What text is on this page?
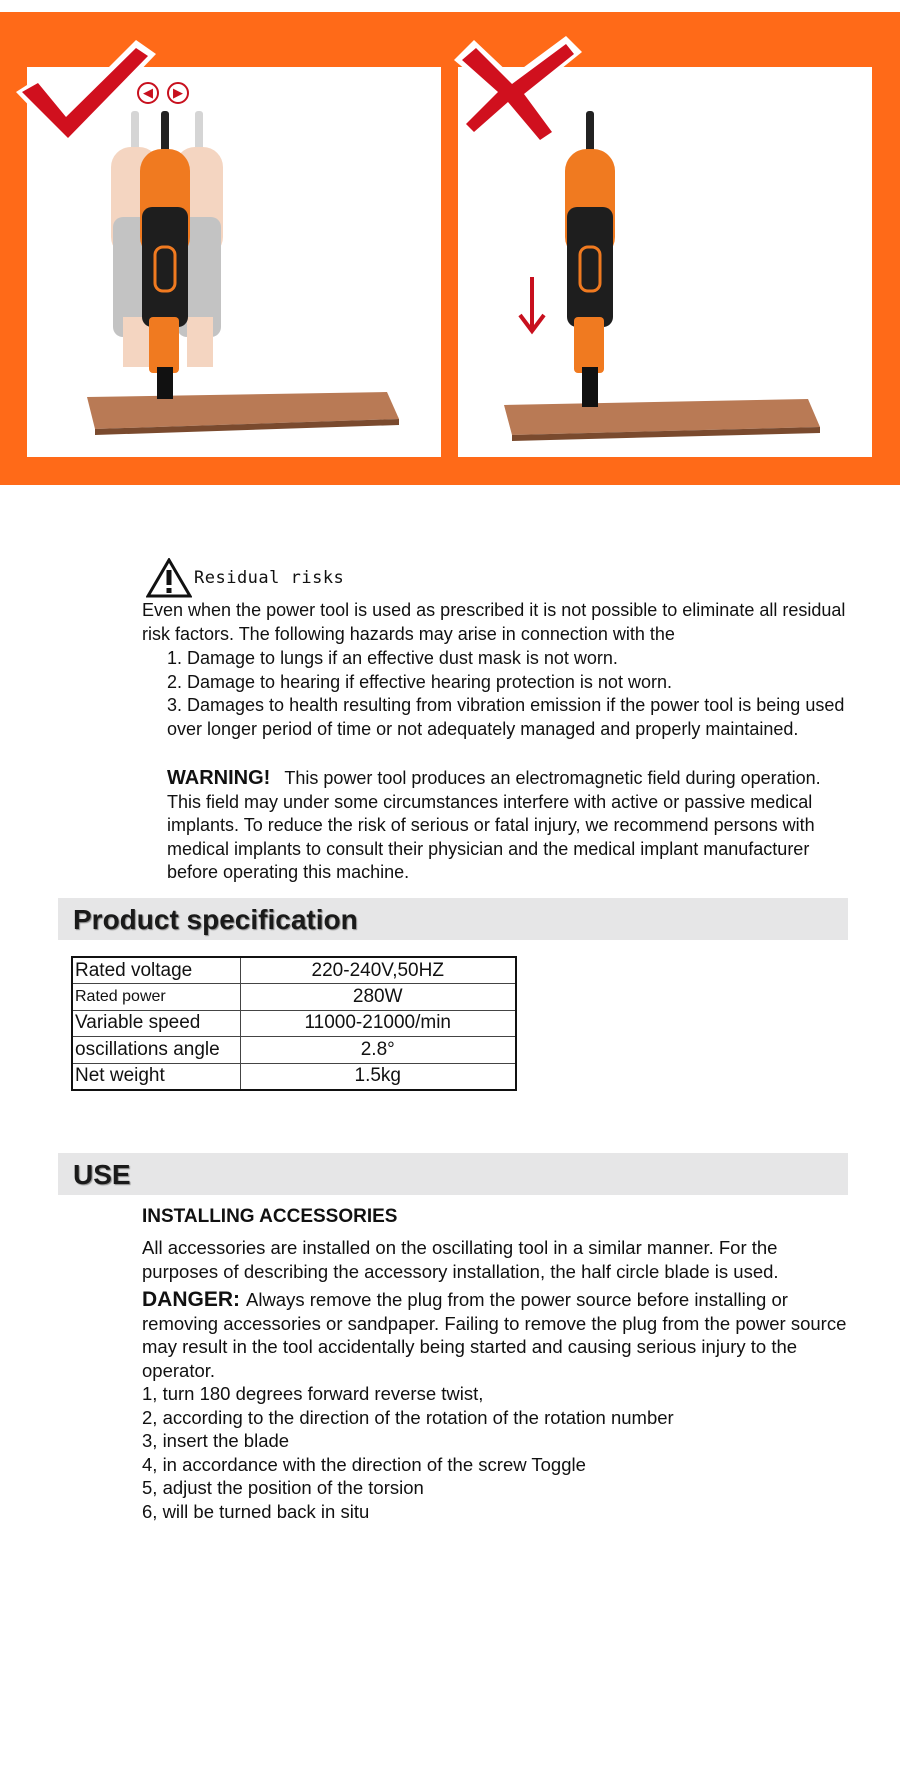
◀	▶
Residual risks
Even when the power tool is used as prescribed it is not possible to eliminate all residual risk factors. The following hazards may arise in connection with the
1. Damage to lungs if an effective dust mask is not worn.
2. Damage to hearing if effective hearing protection is not worn.
3. Damages to health resulting from vibration emission if the power tool is being used over longer period of time or not adequately managed and properly maintained.
WARNING! This power tool produces an electromagnetic field during operation. This field may under some circumstances interfere with active or passive medical implants. To reduce the risk of serious or fatal injury, we recommend persons with medical implants to consult their physician and the medical implant manufacturer before operating this machine.
Product specification
Rated voltage	220-240V,50HZ
Rated power	280W
Variable speed	11000-21000/min
oscillations angle	2.8°
Net weight	1.5kg
USE
INSTALLING ACCESSORIES
All accessories are installed on the oscillating tool in a similar manner. For the purposes of describing the accessory installation, the half circle blade is used.
DANGER: Always remove the plug from the power source before installing or removing accessories or sandpaper. Failing to remove the plug from the power source may result in the tool accidentally being started and causing serious injury to the operator.
1, turn 180 degrees forward reverse twist,
2, according to the direction of the rotation of the rotation number
3, insert the blade
4, in accordance with the direction of the screw Toggle
5, adjust the position of the torsion
6, will be turned back in situ
